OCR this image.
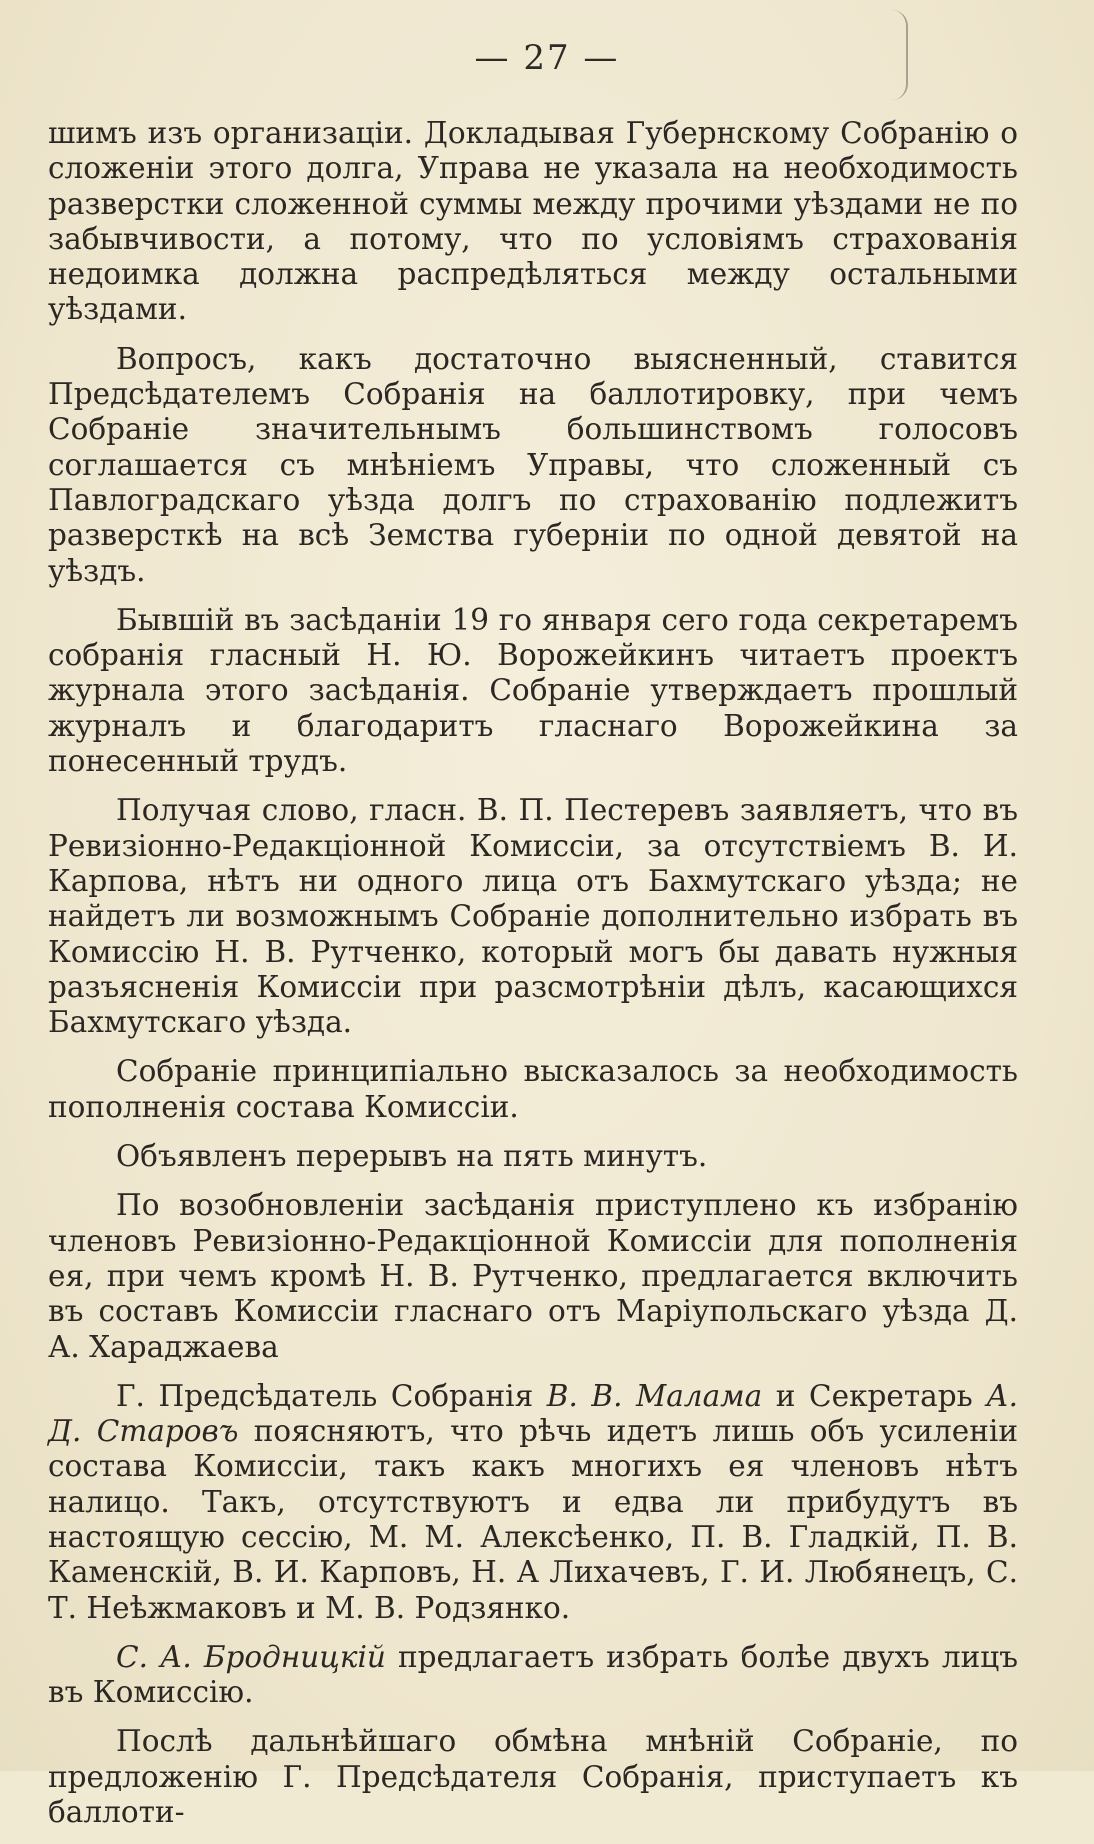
— 27 —

шимъ изъ организаціи. Докладывая Губернскому Собранію о сложеніи этого долга, Управа не указала на необходимость разверстки сложенной суммы между прочими уѣздами не по забывчивости, а потому, что по условіямъ страхованія недоимка должна распредѣляться между остальными уѣздами.

Вопросъ, какъ достаточно выясненный, ставится Предсѣдателемъ Собранія на баллотировку, при чемъ Собраніе значительнымъ большинствомъ голосовъ соглашается съ мнѣніемъ Управы, что сложенный съ Павлоградскаго уѣзда долгъ по страхованію подлежитъ разверсткѣ на всѣ Земства губерніи по одной девятой на уѣздъ.

Бывшій въ засѣданіи 19 го января сего года секретаремъ собранія гласный Н. Ю. Ворожейкинъ читаетъ проектъ журнала этого засѣданія. Собраніе утверждаетъ прошлый журналъ и благодаритъ гласнаго Ворожейкина за понесенный трудъ.

Получая слово, гласн. В. П. Пестеревъ заявляетъ, что въ Ревизіонно-Редакціонной Комиссіи, за отсутствіемъ В. И. Карпова, нѣтъ ни одного лица отъ Бахмутскаго уѣзда; не найдетъ ли возможнымъ Собраніе дополнительно избрать въ Комиссію Н. В. Рутченко, который могъ бы давать нужныя разъясненія Комиссіи при разсмотрѣніи дѣлъ, касающихся Бахмутскаго уѣзда.

Собраніе принципіально высказалось за необходимость пополненія состава Комиссіи.

Объявленъ перерывъ на пять минутъ.

По возобновленіи засѣданія приступлено къ избранію членовъ Ревизіонно-Редакціонной Комиссіи для пополненія ея, при чемъ кромѣ Н. В. Рутченко, предлагается включить въ составъ Комиссіи гласнаго отъ Маріупольскаго уѣзда Д. А. Хараджаева

Г. Предсѣдатель Собранія В. В. Малама и Секретарь А. Д. Старовъ поясняютъ, что рѣчь идетъ лишь объ усиленіи состава Комиссіи, такъ какъ многихъ ея членовъ нѣтъ налицо. Такъ, отсутствуютъ и едва ли прибудутъ въ настоящую сессію, М. М. Алексѣенко, П. В. Гладкій, П. В. Каменскій, В. И. Карповъ, Н. А Лихачевъ, Г. И. Любянецъ, С. Т. Неѣжмаковъ и М. В. Родзянко.

С. А. Бродницкій предлагаетъ избрать болѣе двухъ лицъ въ Комиссію.

Послѣ дальнѣйшаго обмѣна мнѣній Собраніе, по предложенію Г. Предсѣдателя Собранія, приступаетъ къ баллоти-
